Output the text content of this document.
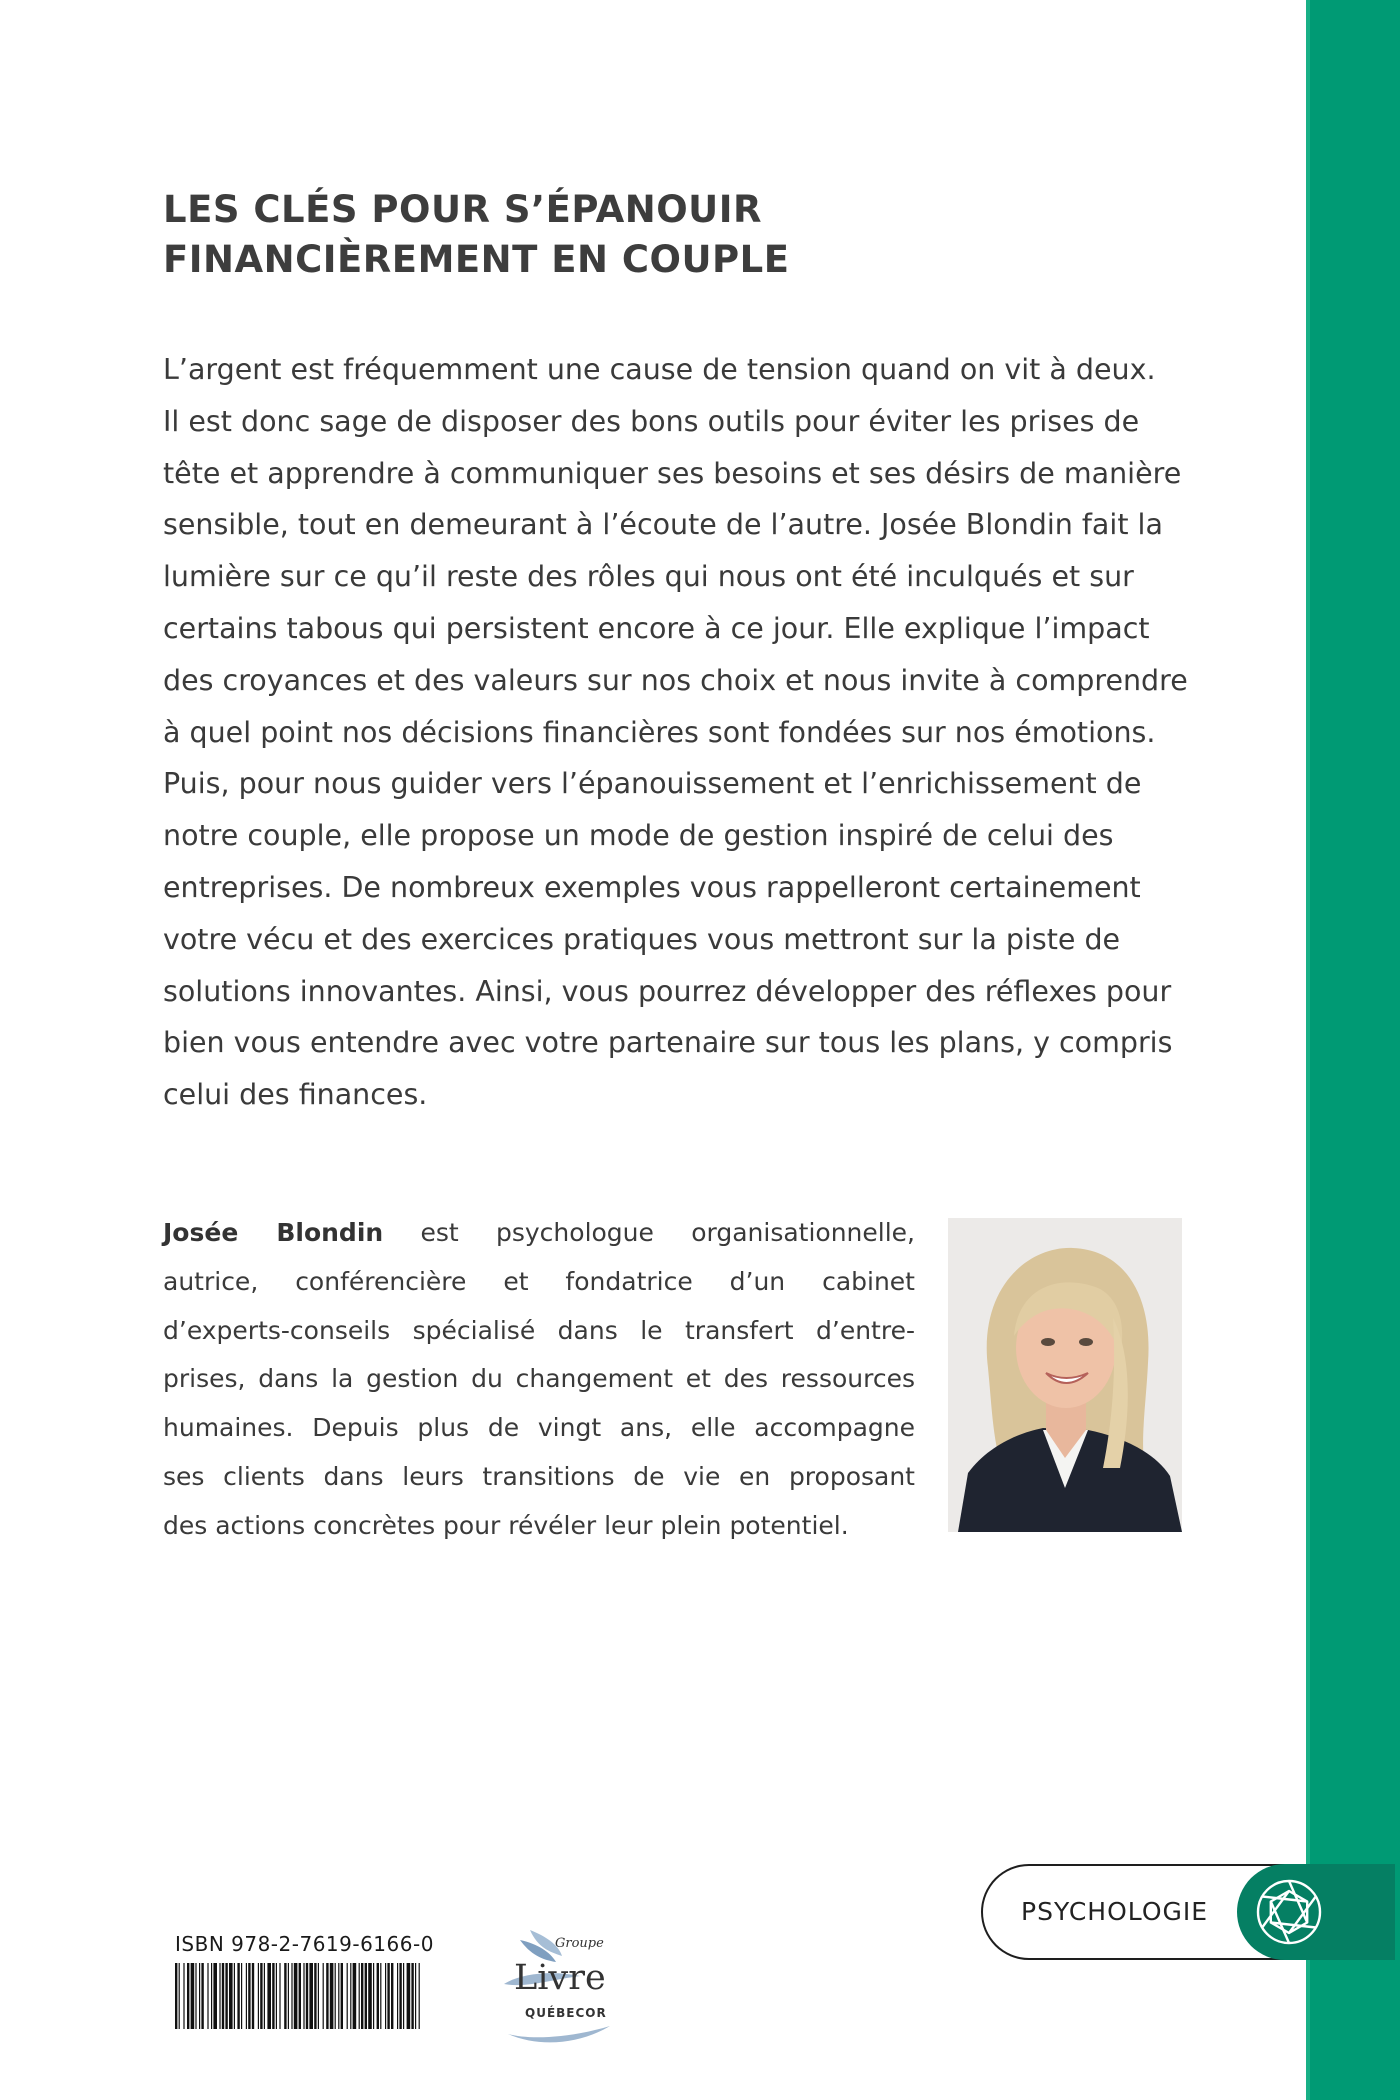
LES CLÉS POUR S’ÉPANOUIR
FINANCIÈREMENT EN COUPLE
L’argent est fréquemment une cause de tension quand on vit à deux.
Il est donc sage de disposer des bons outils pour éviter les prises de
tête et apprendre à communiquer ses besoins et ses désirs de manière
sensible, tout en demeurant à l’écoute de l’autre. Josée Blondin fait la
lumière sur ce qu’il reste des rôles qui nous ont été inculqués et sur
certains tabous qui persistent encore à ce jour. Elle explique l’impact
des croyances et des valeurs sur nos choix et nous invite à comprendre
à quel point nos décisions financières sont fondées sur nos émotions.
Puis, pour nous guider vers l’épanouissement et l’enrichissement de
notre couple, elle propose un mode de gestion inspiré de celui des
entreprises. De nombreux exemples vous rappelleront certainement
votre vécu et des exercices pratiques vous mettront sur la piste de
solutions innovantes. Ainsi, vous pourrez développer des réflexes pour
bien vous entendre avec votre partenaire sur tous les plans, y compris
celui des finances.
Josée Blondin est psychologue organisationnelle,
autrice, conférencière et fondatrice d’un cabinet
d’experts-conseils spécialisé dans le transfert d’entre-
prises, dans la gestion du changement et des ressources
humaines. Depuis plus de vingt ans, elle accompagne
ses clients dans leurs transitions de vie en proposant
des actions concrètes pour révéler leur plein potentiel.
PSYCHOLOGIE
ISBN 978-2-7619-6166-0	Groupe
Livre
QUÉBECOR
